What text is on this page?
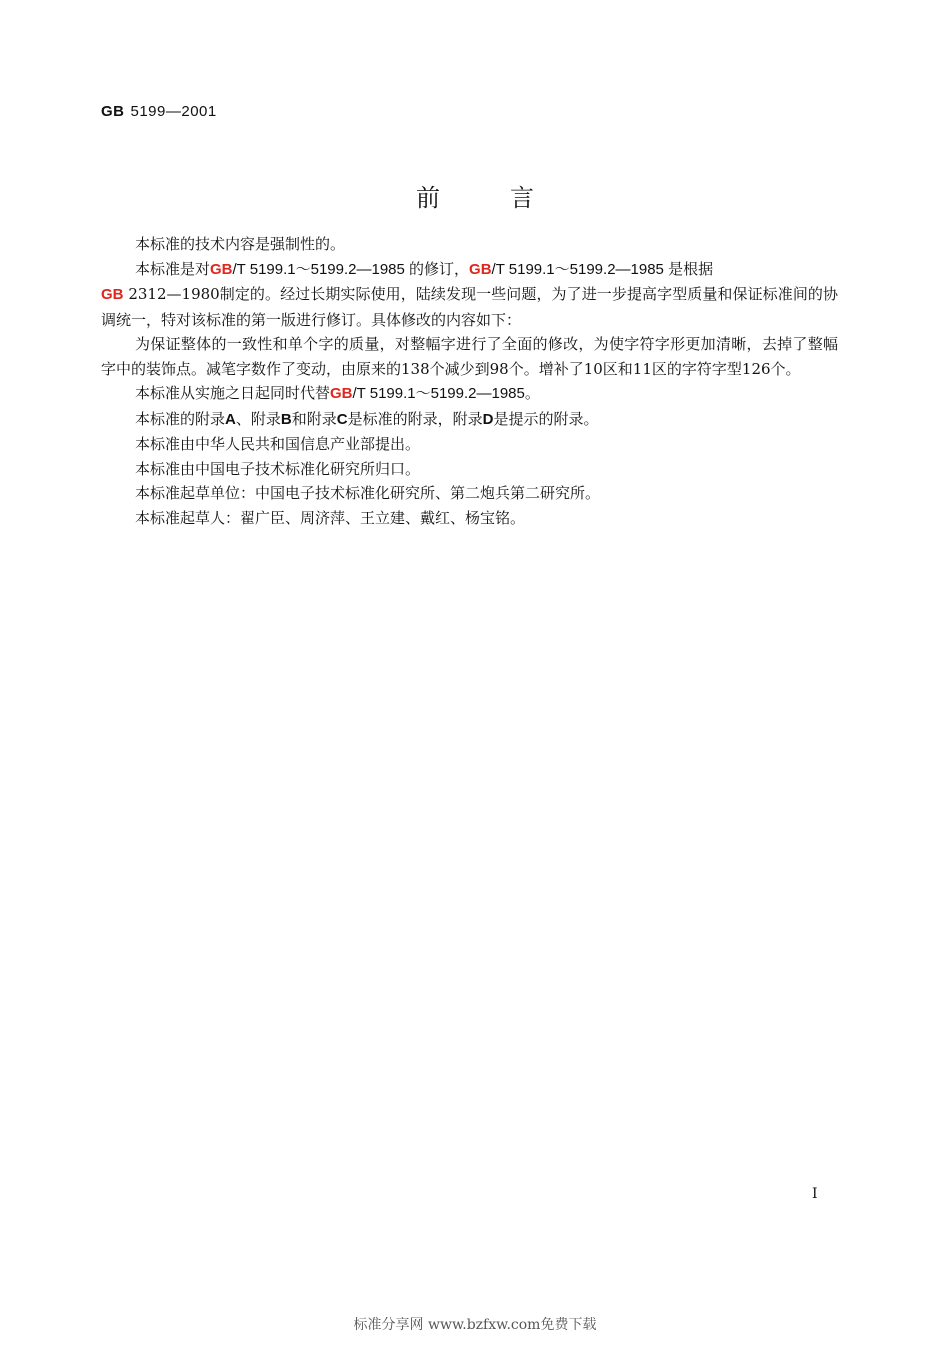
GB 5199—2001
前言

本标准的技术内容是强制性的。

本标准是对GB/T 5199.1～5199.2—1985 的修订，GB/T 5199.1～5199.2—1985 是根据
GB 2312—1980制定的。经过长期实际使用，陆续发现一些问题，为了进一步提高字型质量和保证标准间的协调统一，特对该标准的第一版进行修订。具体修改的内容如下：

为保证整体的一致性和单个字的质量，对整幅字进行了全面的修改，为使字符字形更加清晰，去掉了整幅字中的装饰点。减笔字数作了变动，由原来的138个减少到98个。增补了10区和11区的字符字型126个。

本标准从实施之日起同时代替GB/T 5199.1～5199.2—1985。

本标准的附录A、附录B和附录C是标准的附录，附录D是提示的附录。

本标准由中华人民共和国信息产业部提出。

本标准由中国电子技术标准化研究所归口。

本标准起草单位：中国电子技术标准化研究所、第二炮兵第二研究所。

本标准起草人：翟广臣、周济萍、王立建、戴红、杨宝铭。

I
标准分享网 www.bzfxw.com免费下载
